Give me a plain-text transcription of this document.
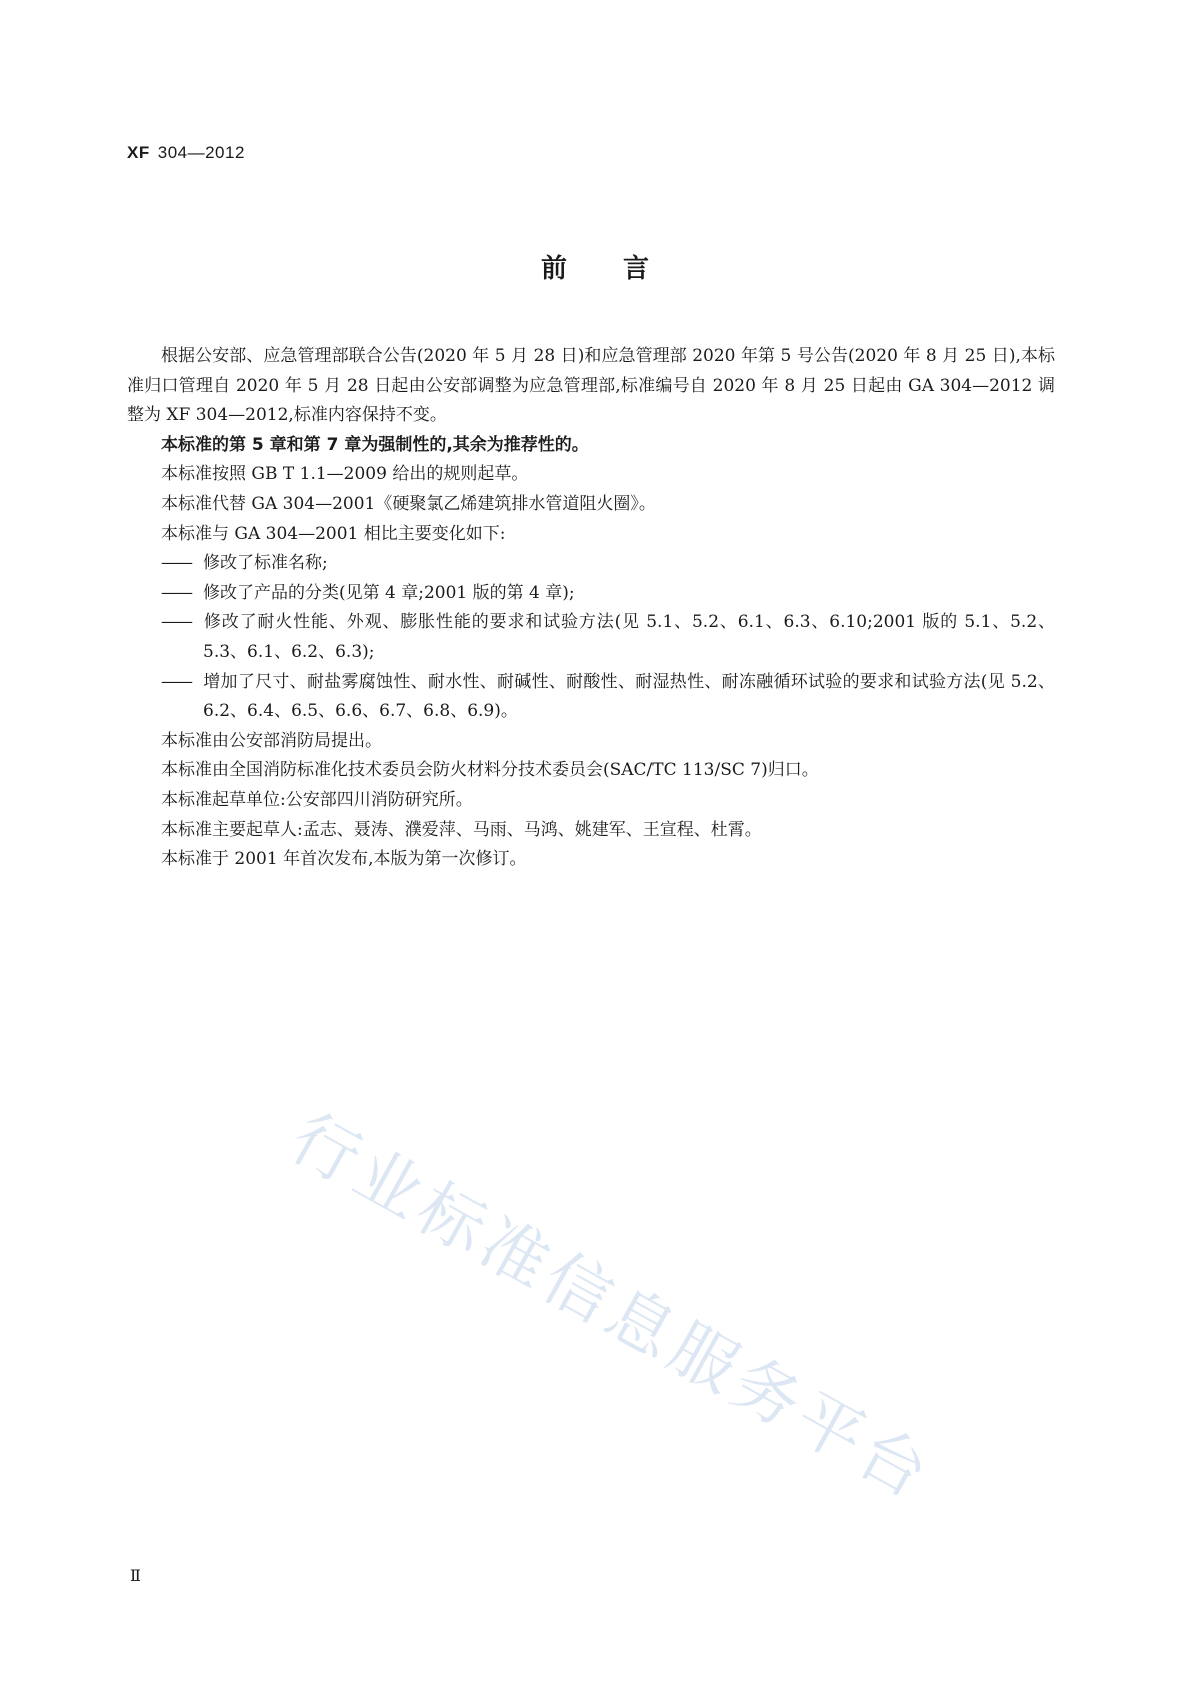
XF 304—2012
前言

根据公安部、应急管理部联合公告(2020 年 5 月 28 日)和应急管理部 2020 年第 5 号公告(2020 年 8 月 25 日),本标准归口管理自 2020 年 5 月 28 日起由公安部调整为应急管理部,标准编号自 2020 年 8 月 25 日起由 GA 304—2012 调整为 XF 304—2012,标准内容保持不变。

本标准的第 5 章和第 7 章为强制性的,其余为推荐性的。

本标准按照 GB T 1.1—2009 给出的规则起草。

本标准代替 GA 304—2001《硬聚氯乙烯建筑排水管道阻火圈》。

本标准与 GA 304—2001 相比主要变化如下:

—— 修改了标准名称;
—— 修改了产品的分类(见第 4 章;2001 版的第 4 章);
—— 修改了耐火性能、外观、膨胀性能的要求和试验方法(见 5.1、5.2、6.1、6.3、6.10;2001 版的 5.1、5.2、5.3、6.1、6.2、6.3);
—— 增加了尺寸、耐盐雾腐蚀性、耐水性、耐碱性、耐酸性、耐湿热性、耐冻融循环试验的要求和试验方法(见 5.2、6.2、6.4、6.5、6.6、6.7、6.8、6.9)。

本标准由公安部消防局提出。

本标准由全国消防标准化技术委员会防火材料分技术委员会(SAC/TC 113/SC 7)归口。

本标准起草单位:公安部四川消防研究所。

本标准主要起草人:孟志、聂涛、濮爱萍、马雨、马鸿、姚建军、王宣程、杜霄。

本标准于 2001 年首次发布,本版为第一次修订。

行业标准信息服务平台
Ⅱ
